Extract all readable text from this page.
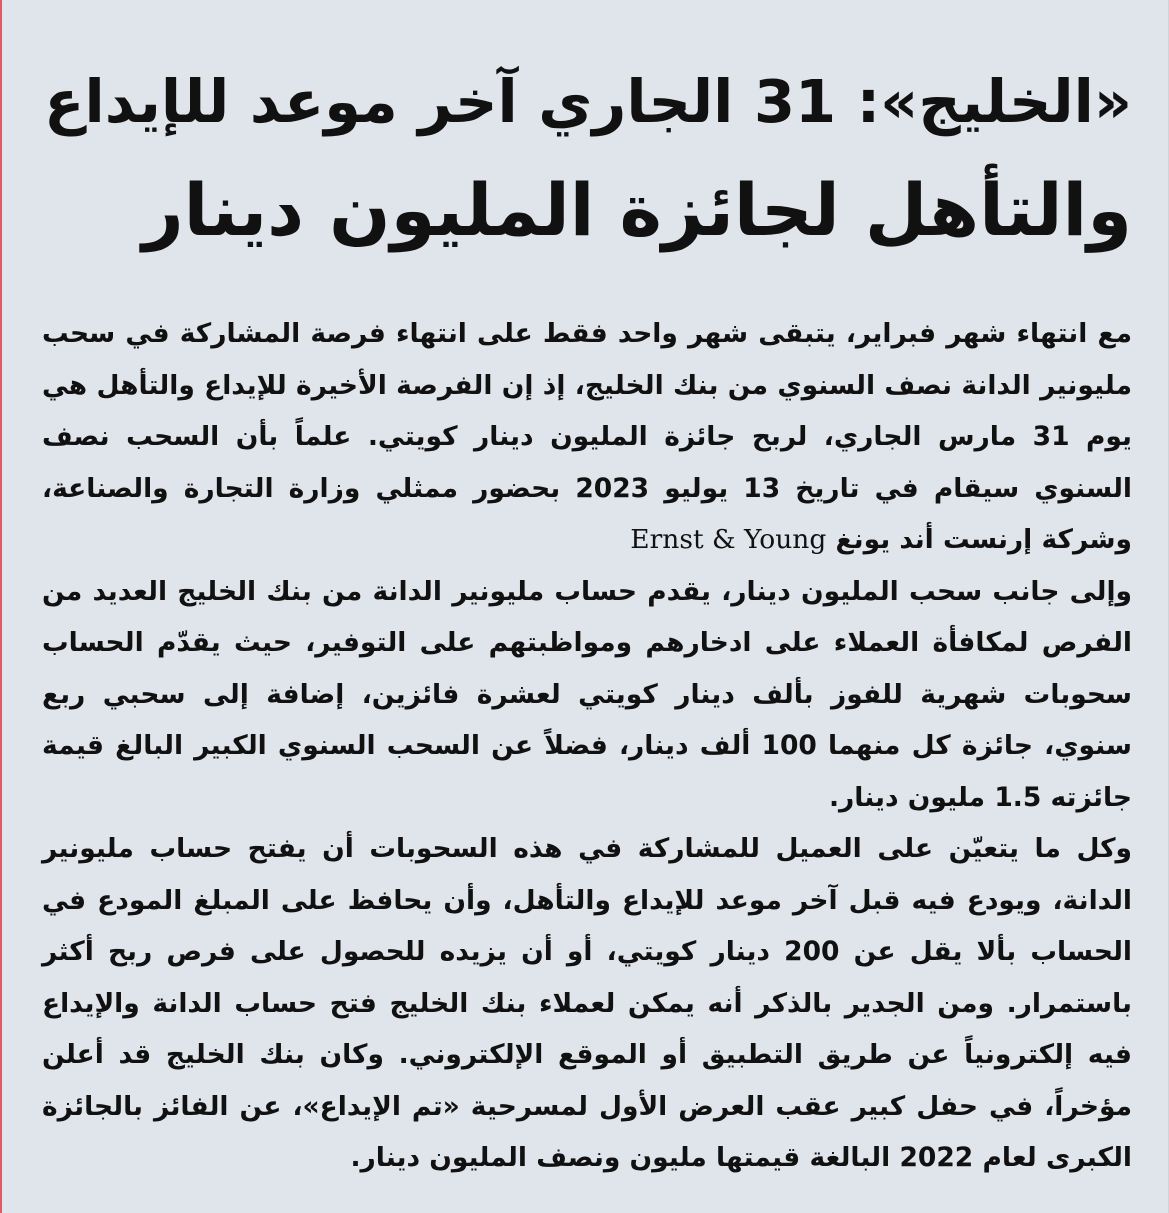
«الخليج»: 31 الجاري آخر موعد للإيداع
والتأهل لجائزة المليون دينار

مع انتهاء شهر فبراير، يتبقى شهر واحد فقط على انتهاء فرصة المشاركة في سحب مليونير الدانة نصف السنوي من بنك الخليج، إذ إن الفرصة الأخيرة للإيداع والتأهل هي يوم 31 مارس الجاري، لربح جائزة المليون دينار كويتي. علماً بأن السحب نصف السنوي سيقام في تاريخ 13 يوليو 2023 بحضور ممثلي وزارة التجارة والصناعة، وشركة إرنست أند يونغ Ernst & Young

وإلى جانب سحب المليون دينار، يقدم حساب مليونير الدانة من بنك الخليج العديد من الفرص لمكافأة العملاء على ادخارهم ومواظبتهم على التوفير، حيث يقدّم الحساب سحوبات شهرية للفوز بألف دينار كويتي لعشرة فائزين، إضافة إلى سحبي ربع سنوي، جائزة كل منهما 100 ألف دينار، فضلاً عن السحب السنوي الكبير البالغ قيمة جائزته 1.5 مليون دينار.

وكل ما يتعيّن على العميل للمشاركة في هذه السحوبات أن يفتح حساب مليونير الدانة، ويودع فيه قبل آخر موعد للإيداع والتأهل، وأن يحافظ على المبلغ المودع في الحساب بألا يقل عن 200 دينار كويتي، أو أن يزيده للحصول على فرص ربح أكثر باستمرار. ومن الجدير بالذكر أنه يمكن لعملاء بنك الخليج فتح حساب الدانة والإيداع فيه إلكترونياً عن طريق التطبيق أو الموقع الإلكتروني. وكان بنك الخليج قد أعلن مؤخراً، في حفل كبير عقب العرض الأول لمسرحية «تم الإيداع»، عن الفائز بالجائزة الكبرى لعام 2022 البالغة قيمتها مليون ونصف المليون دينار.
